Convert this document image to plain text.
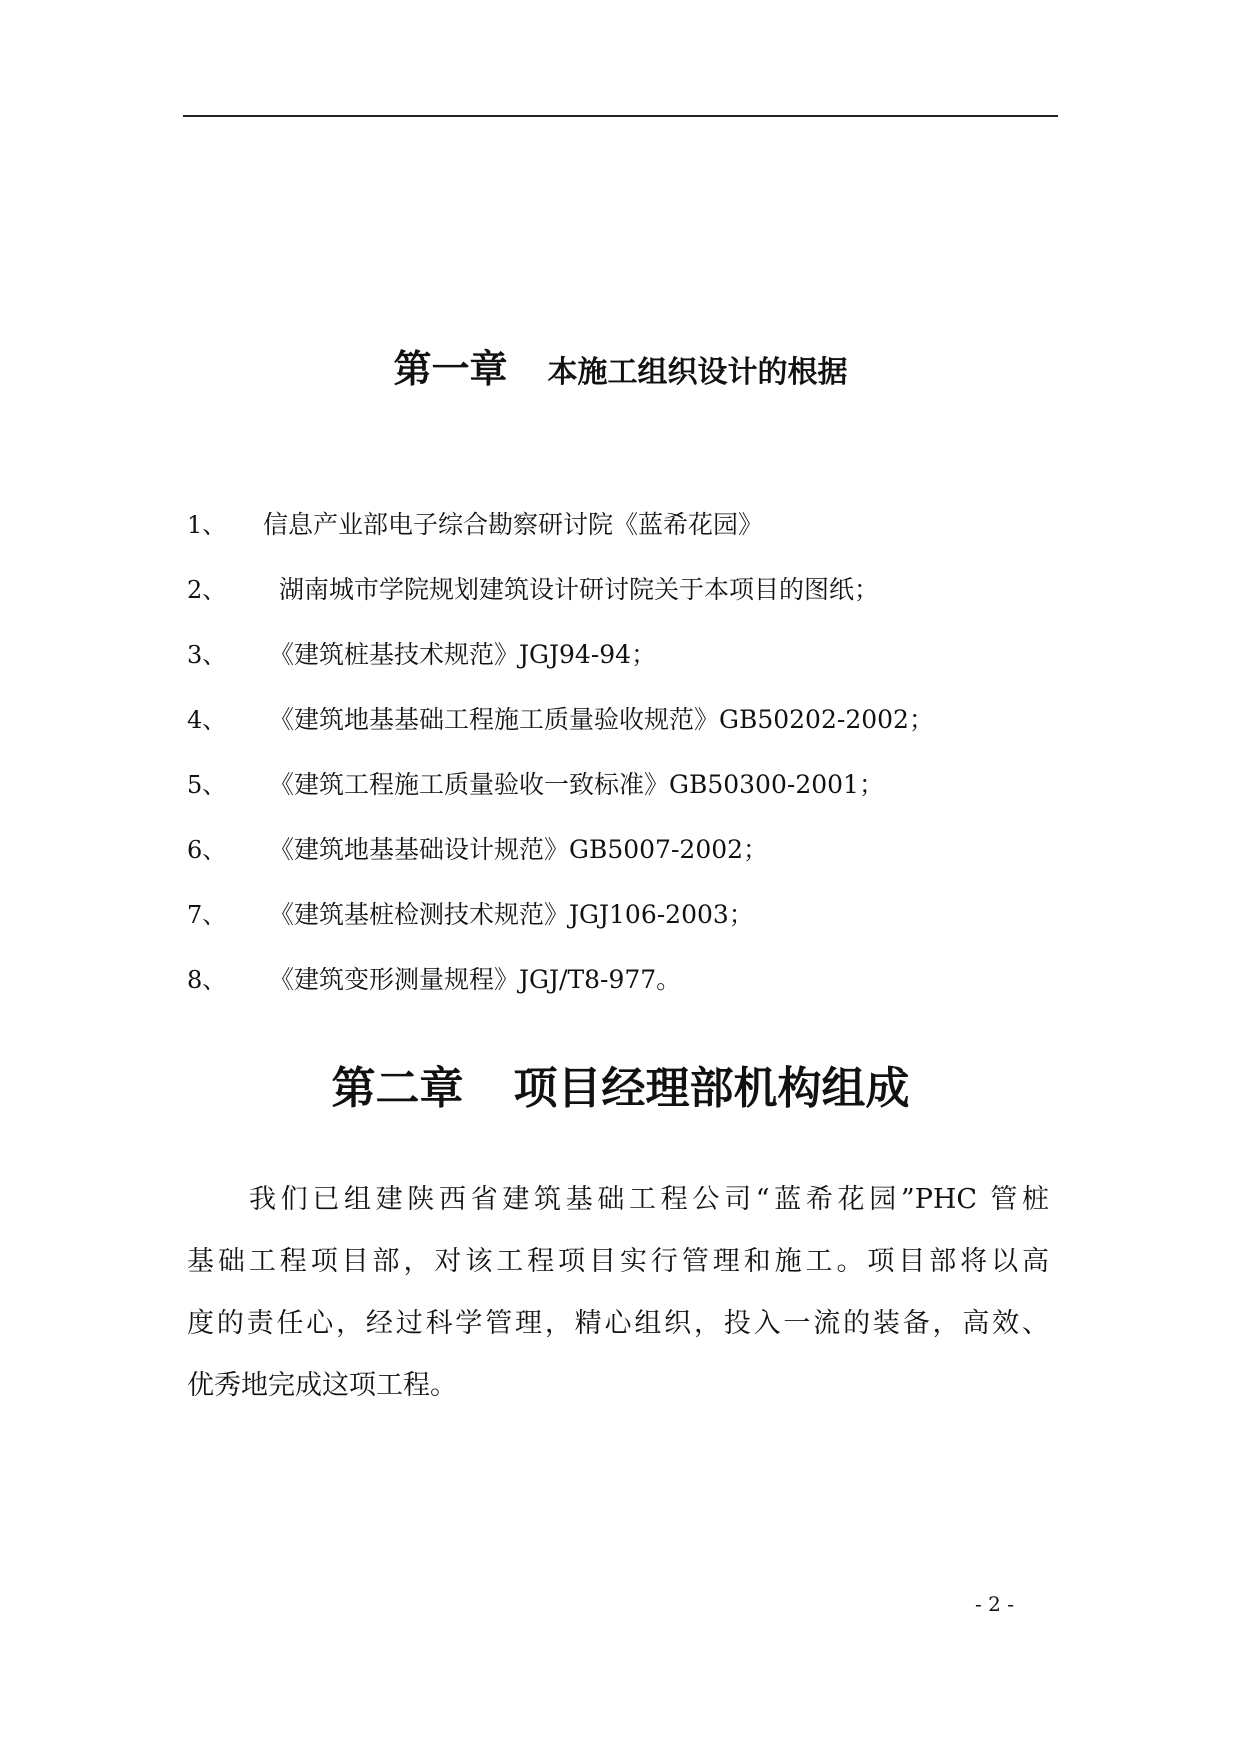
第一章 本施工组织设计的根据
1、 信息产业部电子综合勘察研讨院《蓝希花园》
2、 湖南城市学院规划建筑设计研讨院关于本项目的图纸；
3、 《建筑桩基技术规范》JGJ94-94；
4、 《建筑地基基础工程施工质量验收规范》GB50202-2002；
5、 《建筑工程施工质量验收一致标准》GB50300-2001；
6、 《建筑地基基础设计规范》GB5007-2002；
7、 《建筑基桩检测技术规范》JGJ106-2003；
8、 《建筑变形测量规程》JGJ/T8-977。
第二章 项目经理部机构组成
我们已组建陕西省建筑基础工程公司“蓝希花园”PHC 管桩
基础工程项目部，对该工程项目实行管理和施工。项目部将以高
度的责任心，经过科学管理，精心组织，投入一流的装备，高效、
优秀地完成这项工程。
- 2 -
